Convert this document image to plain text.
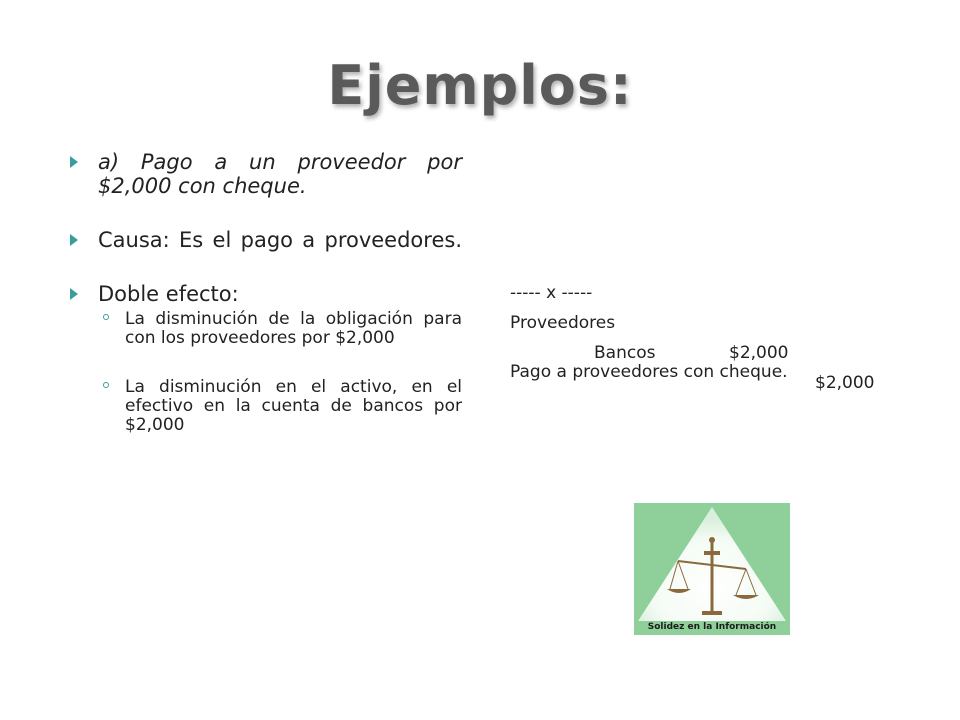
Ejemplos:
a) Pago a un proveedor por $2,000 con cheque.
Causa: Es el pago a proveedores.
Doble efecto:
La disminución de la obligación para con los proveedores por $2,000
La disminución en el activo, en el efectivo en la cuenta de bancos por $2,000

----- x -----

Proveedores

$2,000

Bancos

$2,000

Pago a proveedores con cheque.
Solidez en la Información
